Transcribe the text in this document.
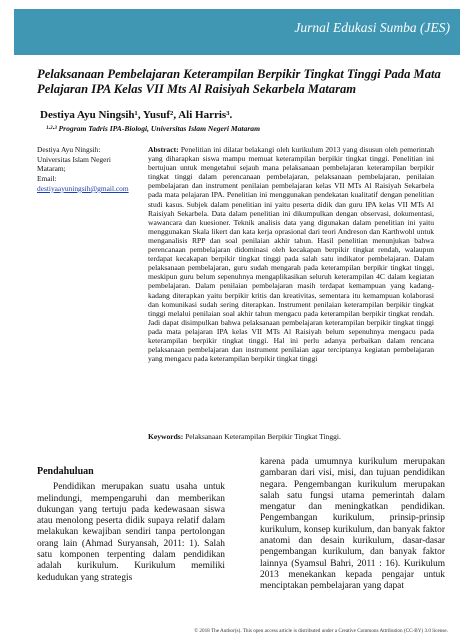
Jurnal Edukasi Sumba (JES)
Pelaksanaan Pembelajaran Keterampilan Berpikir Tingkat Tinggi Pada Mata Pelajaran IPA Kelas VII Mts Al Raisiyah Sekarbela Mataram
Destiya Ayu Ningsih¹, Yusuf², Ali Harris³.
¹·²·³ Program Tadris IPA-Biologi, Universitas Islam Negeri Mataram
Destiya Ayu Ningsih:
Universitas Islam Negeri
Mataram;
Email:
destiyaayuningsih@gmail.com

Abstract: Penelitian ini dilatar belakangi oleh kurikulum 2013 yang disusun oleh pemerintah yang diharapkan siswa mampu memuat keterampilan berpikir tingkat tinggi. Penelitian ini bertujuan untuk mengetahui sejauh mana pelaksanaan pembelajaran keterampilan berpikir tingkat tinggi dalam perencanaan pembelajaran, pelaksanaan pembelajaran, penilaian pembelajaran dan instrument penilaian pembelajaran kelas VII MTs Al Raisiyah Sekarbela pada mata pelajaran IPA. Penelitian ini menggunakan pendekatan kualitatif dengan penelitian studi kasus. Subjek dalam penelitian ini yaitu peserta didik dan guru IPA kelas VII MTs Al Raisiyah Sekarbela. Data dalam penelitian ini dikumpulkan dengan observasi, dokumentasi, wawancara dan kuesioner. Teknik analisis data yang digunakan dalam penelitian ini yaitu menggunakan Skala likert dan kata kerja oprasional dari teori Andreson dan Karthwohl untuk menganalisis RPP dan soal penilaian akhir tahun. Hasil penelitian menunjukan bahwa perencanaan pembelajaran didominasi oleh kecakapan berpikir tingkat rendah, walaupun terdapat kecakapan berpikir tingkat tinggi pada salah satu indikator pembelajaran. Dalam pelaksanaan pembelajaran, guru sudah mengarah pada keterampilan berpikir tingkat tinggi, meskipun guru belum sepenuhnya mengaplikasikan seluruh keterampilan 4C dalam kegiatan pembelajaran. Dalam penilaian pembelajaran masih terdapat kemampuan yang kadang-kadang diterapkan yaitu berpikir kritis dan kreativitas, sementara itu kemampuan kolaborasi dan komunikasi sudah sering diterapkan. Instrument penilaian keterampilan berpikir tingkat tinggi melalui penilaian soal akhir tahun mengacu pada keterampilan berpikir tingkat rendah. Jadi dapat disimpulkan bahwa pelaksanaan pembelajaran keterampilan berpikir tingkat tinggi pada mata pelajaran IPA kelas VII MTs Al Raisiyah belum sepenuhnya mengacu pada keterampilan berpikir tingkat tinggi. Hal ini perlu adanya perbaikan dalam rencana pelaksanaan pembelajaran dan instrument penilaian agar terciptanya kegiatan pembelajaran yang mengacu pada keterampilan berpikir tingkat tinggi

Keywords: Pelaksanaan Keterampilan Berpikir Tingkat Tinggi.
Pendahuluan

Pendidikan merupakan suatu usaha untuk melindungi, mempengaruhi dan memberikan dukungan yang tertuju pada kedewasaan siswa atau menolong peserta didik supaya relatif dalam melakukan kewajiban sendiri tanpa pertolongan orang lain (Ahmad Suryansah, 2011: 1). Salah satu komponen terpenting dalam pendidikan adalah kurikulum. Kurikulum memiliki kedudukan yang strategis

karena pada umumnya kurikulum merupakan gambaran dari visi, misi, dan tujuan pendidikan negara. Pengembangan kurikulum merupakan salah satu fungsi utama pemerintah dalam mengatur dan meningkatkan pendidikan. Pengembangan kurikulum, prinsip-prinsip kurikulum, konsep kurikulum, dan banyak faktor anatomi dan desain kurikulum, dasar-dasar pengembangan kurikulum, dan banyak faktor lainnya (Syamsul Bahri, 2011 : 16). Kurikulum 2013 menekankan kepada pengajar untuk menciptakan pembelajaran yang dapat

© 2018 The Author(s). This open access article is distributed under a Creative Commons Attribution (CC-BY) 3.0 license.
